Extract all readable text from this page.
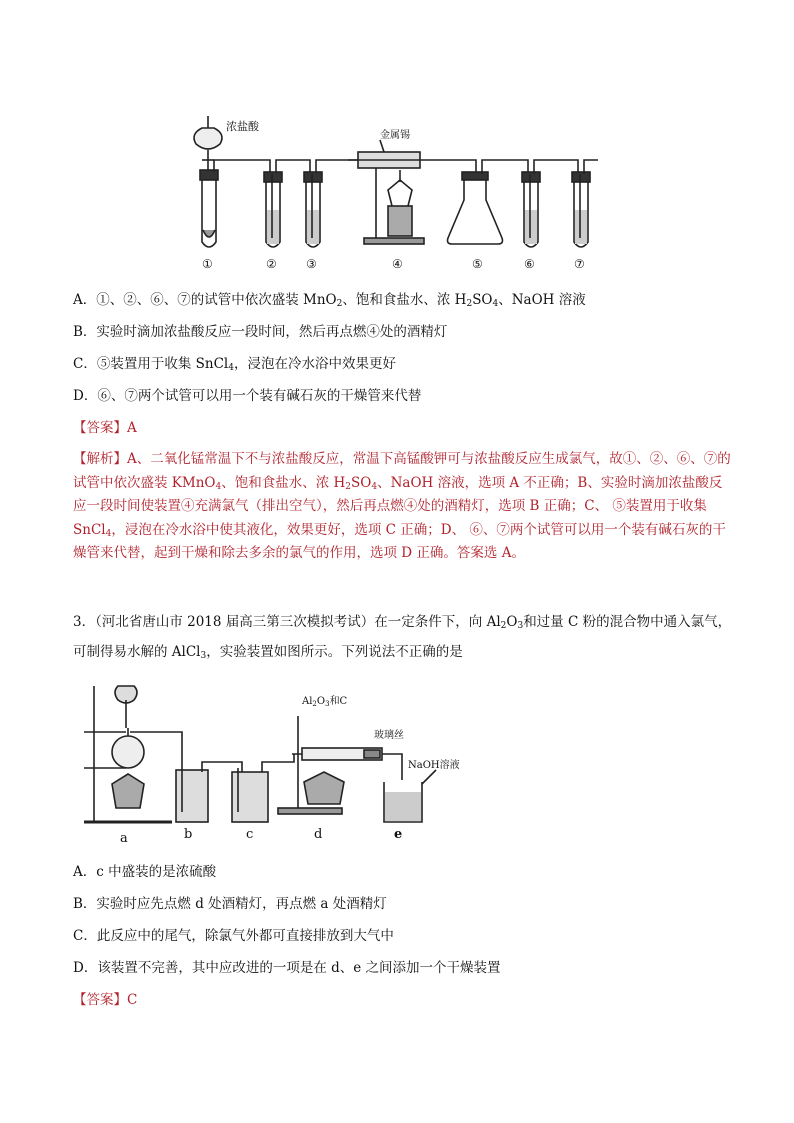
浓盐酸
金属锡
①	② ③	④	⑤	⑥	⑦
A．①、②、⑥、⑦的试管中依次盛装 MnO$_2$、饱和食盐水、浓 $H_2SO_4$、NaOH 溶液
B．实验时滴加浓盐酸反应一段时间，然后再点燃④处的酒精灯
C．⑤装置用于收集 SnCl$_4$，浸泡在冷水浴中效果更好
D．⑥、⑦两个试管可以用一个装有碱石灰的干燥管来代替
【答案】A
【解析】A、二氧化锰常温下不与浓盐酸反应，常温下高锰酸钾可与浓盐酸反应生成氯气，故①、②、⑥、⑦的试管中依次盛装 KMnO$_4$、饱和食盐水、浓 $H_2SO_4$、NaOH 溶液，选项 A 不正确；B、实验时滴加浓盐酸反应一段时间使装置④充满氯气（排出空气），然后再点燃④处的酒精灯，选项 B 正确；C、 ⑤装置用于收集 SnCl$_4$，浸泡在冷水浴中使其液化，效果更好，选项 C 正确；D、 ⑥、⑦两个试管可以用一个装有碱石灰的干燥管来代替，起到干燥和除去多余的氯气的作用，选项 D 正确。答案选 A。
3．（河北省唐山市 2018 届高三第三次模拟考试）在一定条件下，向 $Al_2O_3$和过量 C 粉的混合物中通入氯气，
可制得易水解的 AlCl$_3$，实验装置如图所示。下列说法不正确的是
$Al_2O_3$和C
玻璃丝
NaOH溶液
a	b	c	d	e
A．c 中盛装的是浓硫酸
B．实验时应先点燃 d 处酒精灯，再点燃 a 处酒精灯
C．此反应中的尾气，除氯气外都可直接排放到大气中
D．该装置不完善，其中应改进的一项是在 d、e 之间添加一个干燥装置
【答案】C
